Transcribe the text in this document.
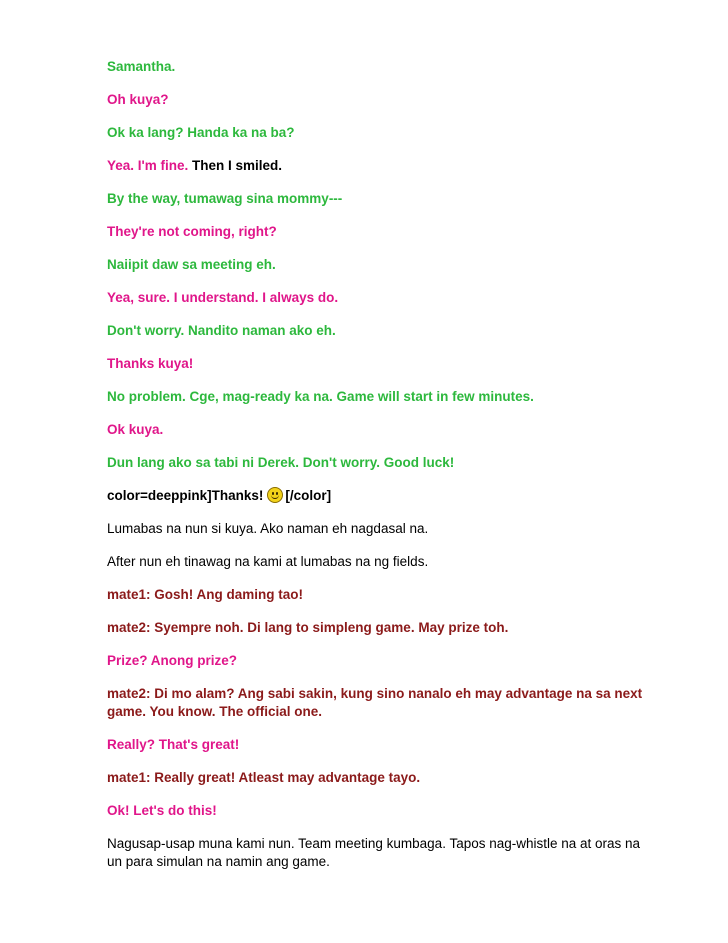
Samantha.

Oh kuya?

Ok ka lang? Handa ka na ba?

Yea. I'm fine. Then I smiled.

By the way, tumawag sina mommy---

They're not coming, right?

Naiipit daw sa meeting eh.

Yea, sure. I understand. I always do.

Don't worry. Nandito naman ako eh.

Thanks kuya!

No problem. Cge, mag-ready ka na. Game will start in few minutes.

Ok kuya.

Dun lang ako sa tabi ni Derek. Don't worry. Good luck!

color=deeppink]Thanks! [/color]

Lumabas na nun si kuya. Ako naman eh nagdasal na.

After nun eh tinawag na kami at lumabas na ng fields.

mate1: Gosh! Ang daming tao!

mate2: Syempre noh. Di lang to simpleng game. May prize toh.

Prize? Anong prize?

mate2: Di mo alam? Ang sabi sakin, kung sino nanalo eh may advantage na sa next game. You know. The official one.

Really? That's great!

mate1: Really great! Atleast may advantage tayo.

Ok! Let's do this!

Nagusap-usap muna kami nun. Team meeting kumbaga. Tapos nag-whistle na at oras na un para simulan na namin ang game.
